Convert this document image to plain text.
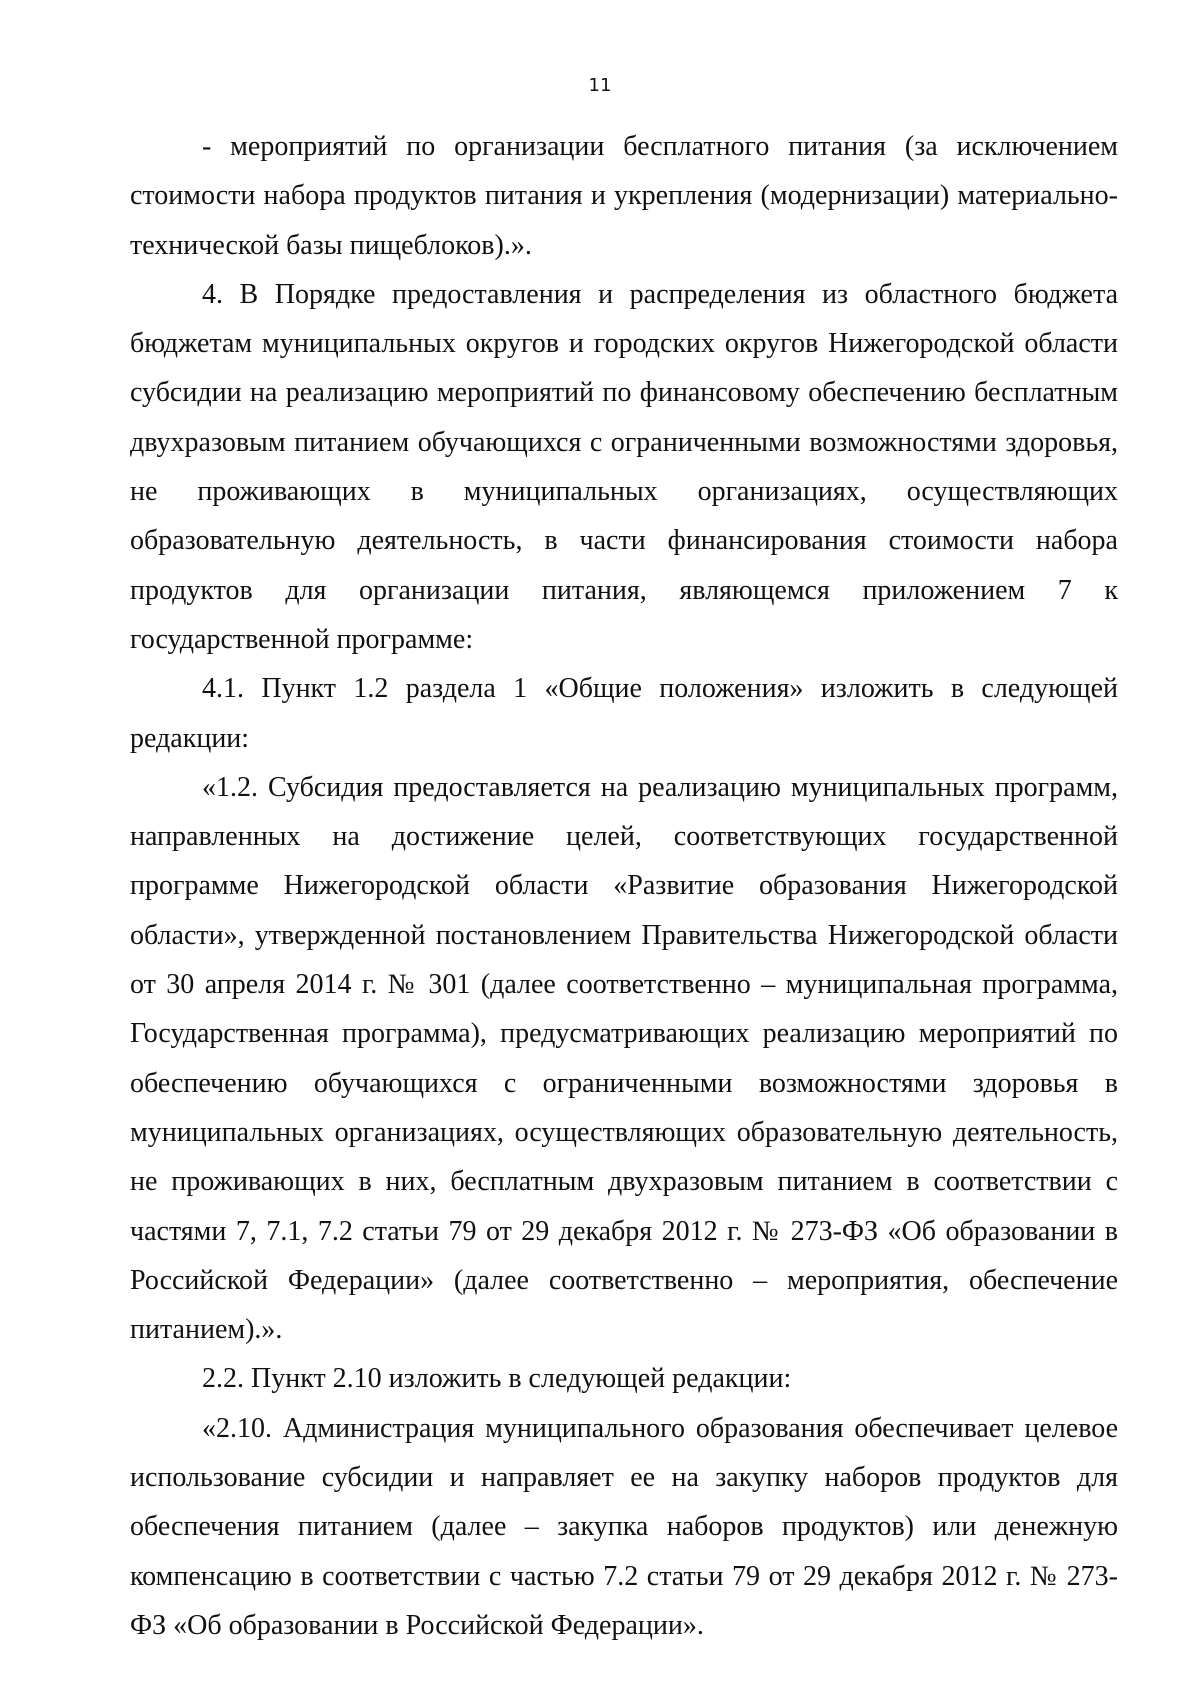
11

- мероприятий по организации бесплатного питания (за исключением стоимости набора продуктов питания и укрепления (модернизации) материально-технической базы пищеблоков).».

4. В Порядке предоставления и распределения из областного бюджета бюджетам муниципальных округов и городских округов Нижегородской области субсидии на реализацию мероприятий по финансовому обеспечению бесплатным двухразовым питанием обучающихся с ограниченными возможностями здоровья, не проживающих в муниципальных организациях, осуществляющих образовательную деятельность, в части финансирования стоимости набора продуктов для организации питания, являющемся приложением 7 к государственной программе:

4.1. Пункт 1.2 раздела 1 «Общие положения» изложить в следующей редакции:

«1.2. Субсидия предоставляется на реализацию муниципальных программ, направленных на достижение целей, соответствующих государственной программе Нижегородской области «Развитие образования Нижегородской области», утвержденной постановлением Правительства Нижегородской области от 30 апреля 2014 г. № 301 (далее соответственно – муниципальная программа, Государственная программа), предусматривающих реализацию мероприятий по обеспечению обучающихся с ограниченными возможностями здоровья в муниципальных организациях, осуществляющих образовательную деятельность, не проживающих в них, бесплатным двухразовым питанием в соответствии с частями 7, 7.1, 7.2 статьи 79 от 29 декабря 2012 г. № 273-ФЗ «Об образовании в Российской Федерации» (далее соответственно – мероприятия, обеспечение питанием).».

2.2. Пункт 2.10 изложить в следующей редакции:

«2.10. Администрация муниципального образования обеспечивает целевое использование субсидии и направляет ее на закупку наборов продуктов для обеспечения питанием (далее – закупка наборов продуктов) или денежную компенсацию в соответствии с частью 7.2 статьи 79 от 29 декабря 2012 г. № 273-ФЗ «Об образовании в Российской Федерации».
